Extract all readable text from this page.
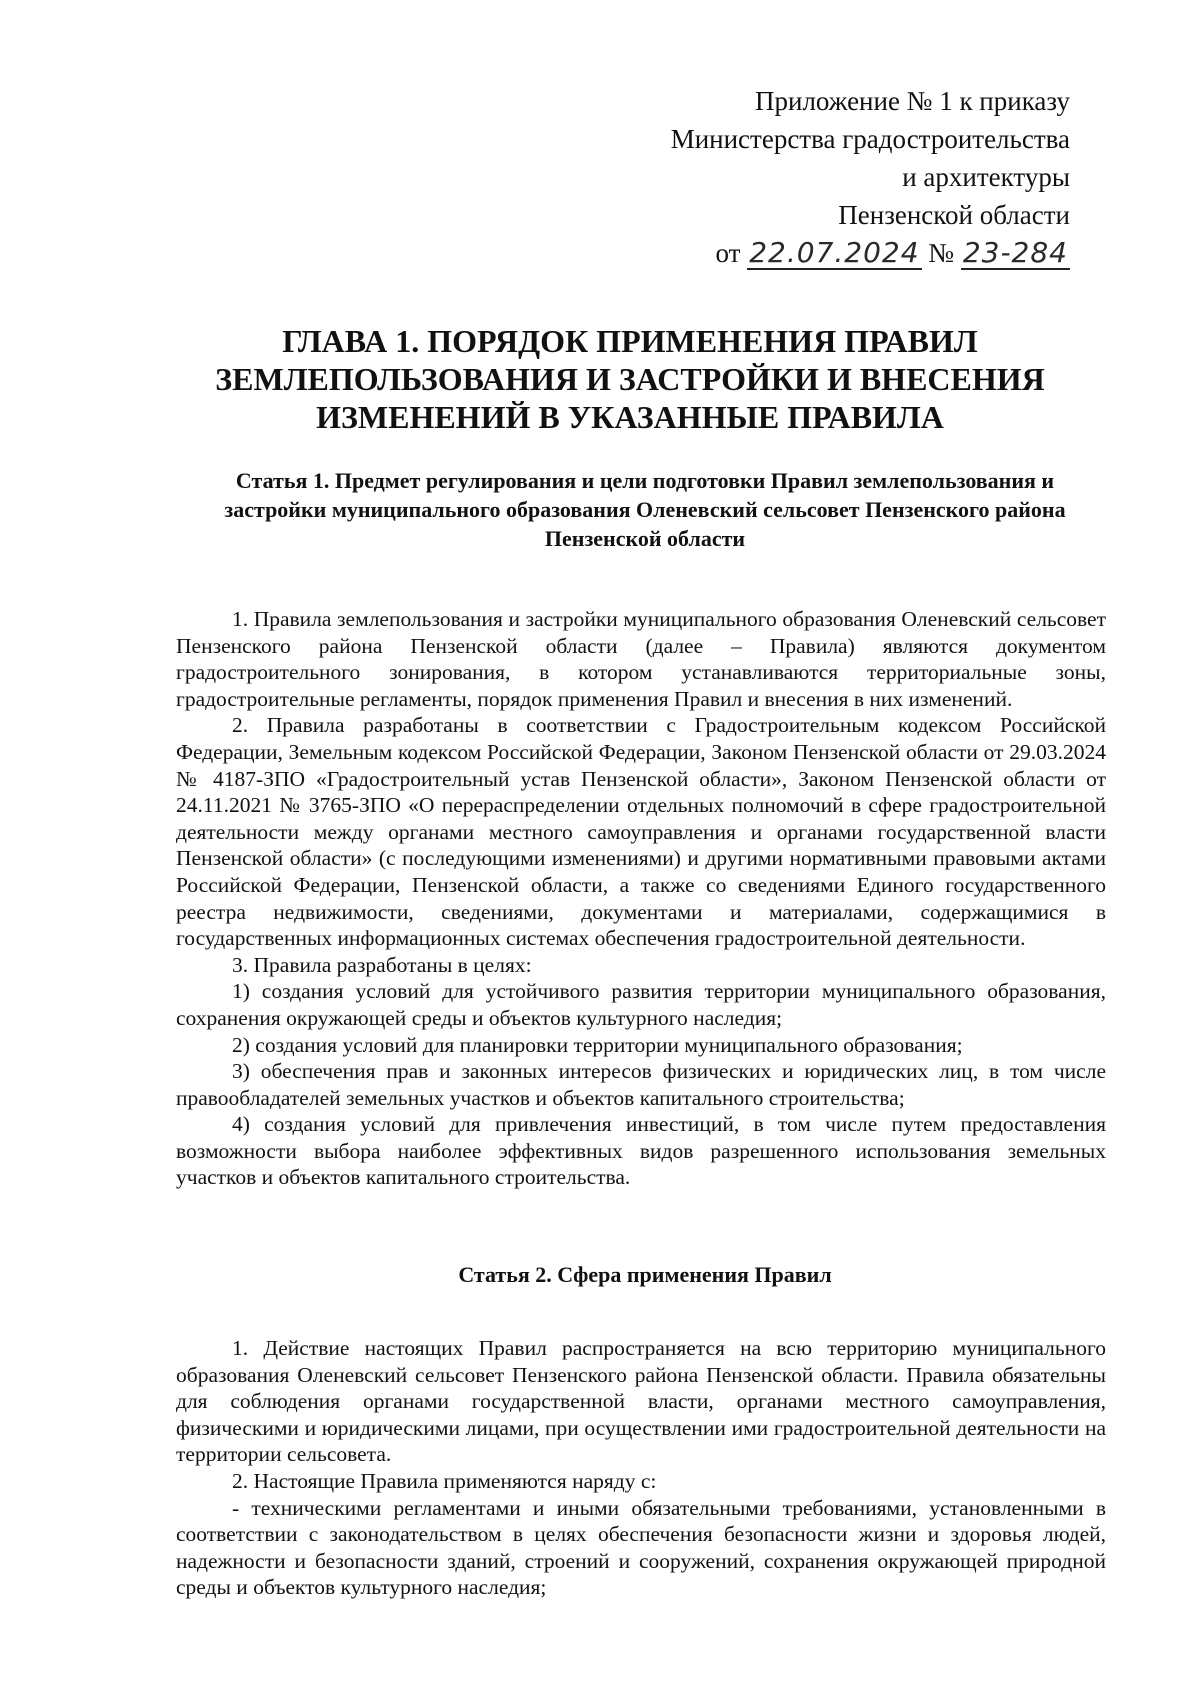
Приложение № 1 к приказу
Министерства градостроительства
и архитектуры
Пензенской области
от 22.07.2024 № 23-284
ГЛАВА 1. ПОРЯДОК ПРИМЕНЕНИЯ ПРАВИЛ
ЗЕМЛЕПОЛЬЗОВАНИЯ И ЗАСТРОЙКИ И ВНЕСЕНИЯ
ИЗМЕНЕНИЙ В УКАЗАННЫЕ ПРАВИЛА
Статья 1. Предмет регулирования и цели подготовки Правил землепользования и
застройки муниципального образования Оленевский сельсовет Пензенского района
Пензенской области

1. Правила землепользования и застройки муниципального образования Оленевский сельсовет Пензенского района Пензенской области (далее – Правила) являются документом градостроительного зонирования, в котором устанавливаются территориальные зоны, градостроительные регламенты, порядок применения Правил и внесения в них изменений.

2. Правила разработаны в соответствии с Градостроительным кодексом Российской Федерации, Земельным кодексом Российской Федерации, Законом Пензенской области от 29.03.2024 № 4187-ЗПО «Градостроительный устав Пензенской области», Законом Пензенской области от 24.11.2021 № 3765-ЗПО «О перераспределении отдельных полномочий в сфере градостроительной деятельности между органами местного самоуправления и органами государственной власти Пензенской области» (с последующими изменениями) и другими нормативными правовыми актами Российской Федерации, Пензенской области, а также со сведениями Единого государственного реестра недвижимости, сведениями, документами и материалами, содержащимися в государственных информационных системах обеспечения градостроительной деятельности.

3. Правила разработаны в целях:

1) создания условий для устойчивого развития территории муниципального образования, сохранения окружающей среды и объектов культурного наследия;

2) создания условий для планировки территории муниципального образования;

3) обеспечения прав и законных интересов физических и юридических лиц, в том числе правообладателей земельных участков и объектов капитального строительства;

4) создания условий для привлечения инвестиций, в том числе путем предоставления возможности выбора наиболее эффективных видов разрешенного использования земельных участков и объектов капитального строительства.

Статья 2. Сфера применения Правил

1. Действие настоящих Правил распространяется на всю территорию муниципального образования Оленевский сельсовет Пензенского района Пензенской области. Правила обязательны для соблюдения органами государственной власти, органами местного самоуправления, физическими и юридическими лицами, при осуществлении ими градостроительной деятельности на территории сельсовета.

2. Настоящие Правила применяются наряду с:

- техническими регламентами и иными обязательными требованиями, установленными в соответствии с законодательством в целях обеспечения безопасности жизни и здоровья людей, надежности и безопасности зданий, строений и сооружений, сохранения окружающей природной среды и объектов культурного наследия;
